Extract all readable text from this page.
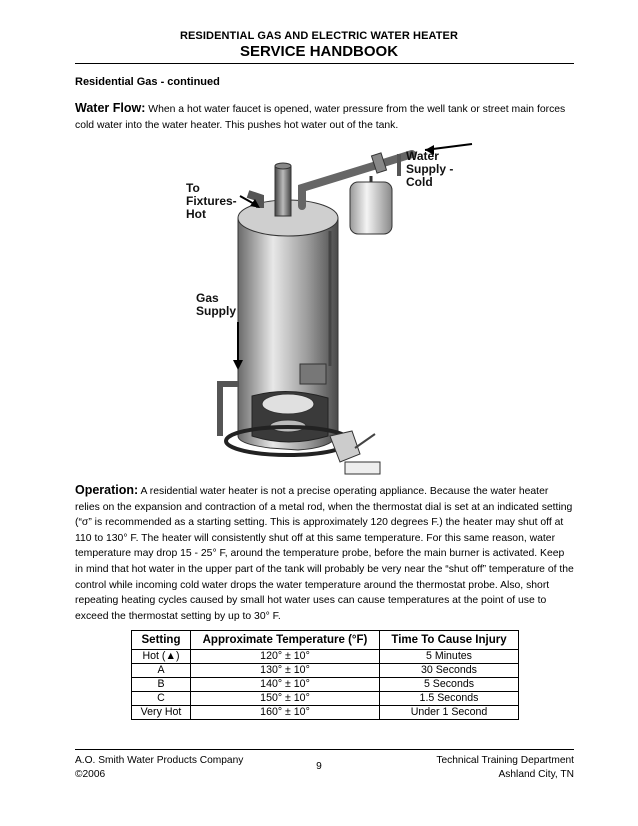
RESIDENTIAL GAS AND ELECTRIC WATER HEATER
SERVICE HANDBOOK
Residential Gas - continued
Water Flow: When a hot water faucet is opened, water pressure from the well tank or street main forces cold water into the water heater. This pushes hot water out of the tank.
To Fixtures- Hot
Water Supply - Cold
Gas Supply
Operation: A residential water heater is not a precise operating appliance. Because the water heater relies on the expansion and contraction of a metal rod, when the thermostat dial is set at an indicated setting (“σ” is recommended as a starting setting. This is approximately 120 degrees F.) the heater may shut off at 110 to 130° F. The heater will consistently shut off at this same temperature. For this same reason, water temperature may drop 15 - 25° F, around the temperature probe, before the main burner is activated. Keep in mind that hot water in the upper part of the tank will probably be very near the “shut off” temperature of the control while incoming cold water drops the water temperature around the thermostat probe. Also, short repeating heating cycles caused by small hot water uses can cause temperatures at the point of use to exceed the thermostat setting by up to 30° F.
Setting	Approximate Temperature (°F)	Time To Cause Injury
Hot (▲)	120° ± 10°	5 Minutes
A	130° ± 10°	30 Seconds
B	140° ± 10°	5 Seconds
C	150° ± 10°	1.5 Seconds
Very Hot	160° ± 10°	Under 1 Second
A.O. Smith Water Products Company
©2006
9
Technical Training Department
Ashland City, TN
